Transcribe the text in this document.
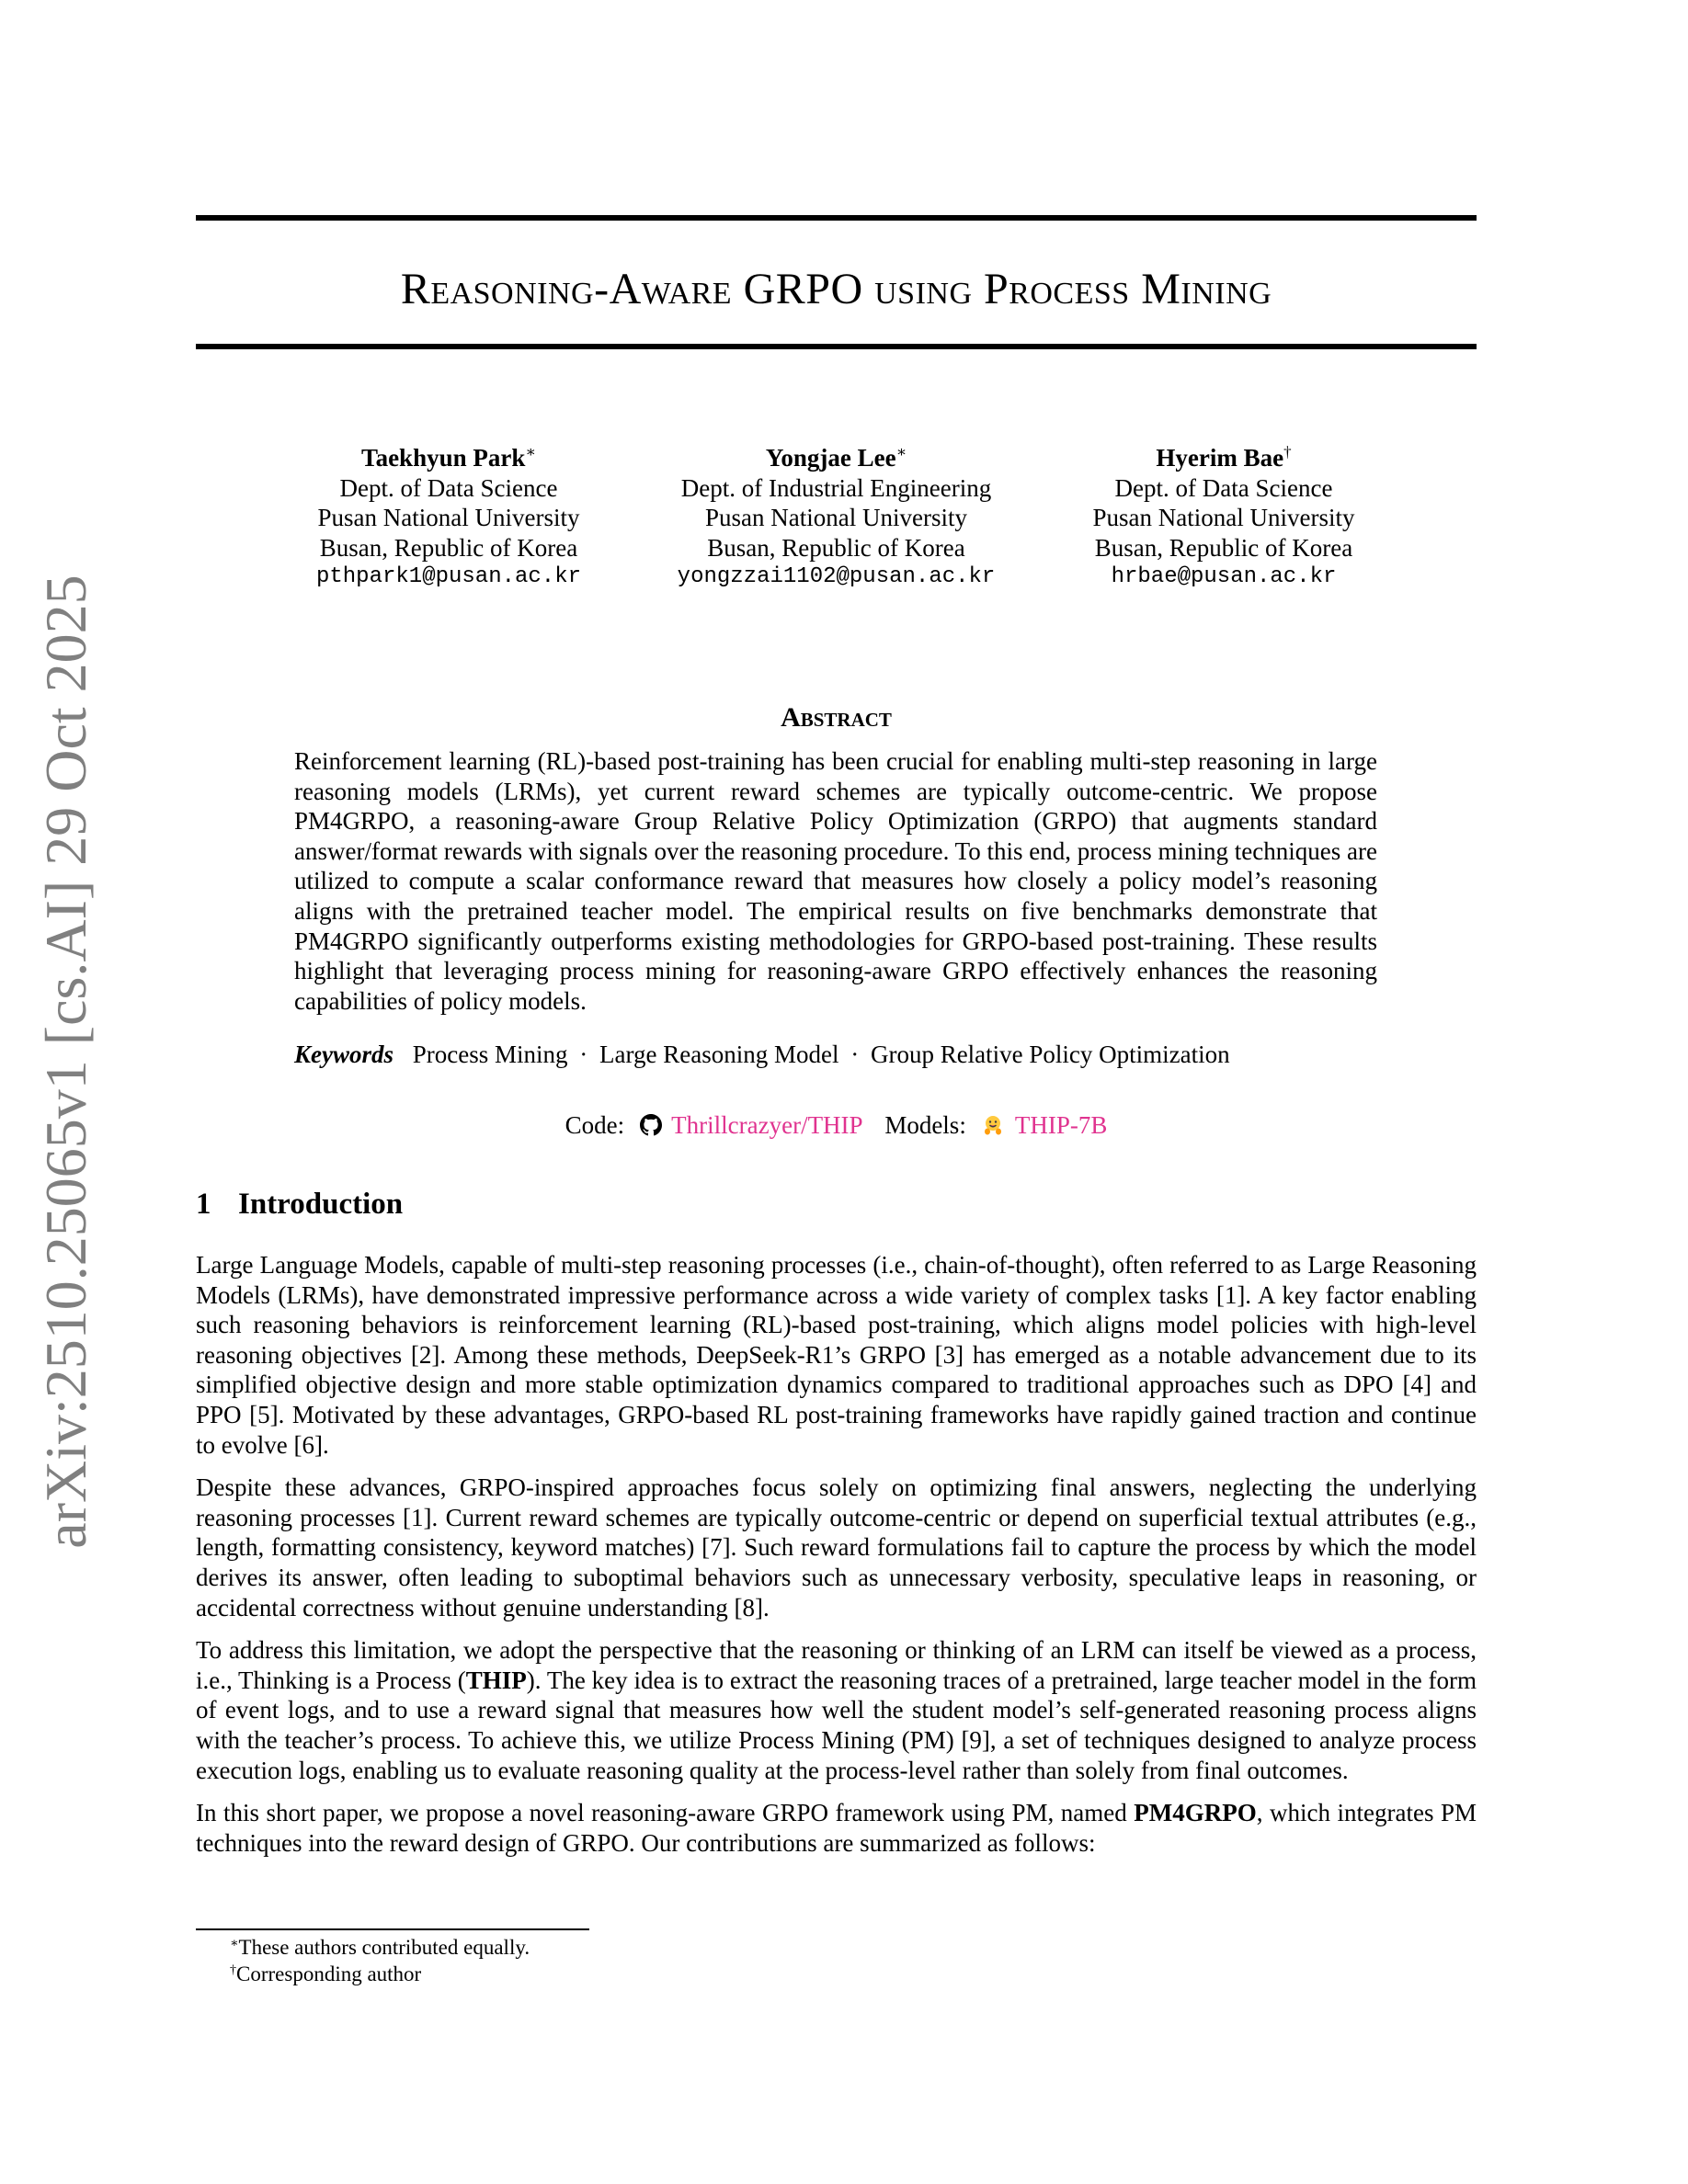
arXiv:2510.25065v1 [cs.AI] 29 Oct 2025
Reasoning-Aware GRPO using Process Mining
Taekhyun Park∗
Dept. of Data Science
Pusan National University
Busan, Republic of Korea
pthpark1@pusan.ac.kr
Yongjae Lee∗
Dept. of Industrial Engineering
Pusan National University
Busan, Republic of Korea
yongzzai1102@pusan.ac.kr
Hyerim Bae†
Dept. of Data Science
Pusan National University
Busan, Republic of Korea
hrbae@pusan.ac.kr
Abstract
Reinforcement learning (RL)-based post-training has been crucial for enabling multi-step reasoning in large reasoning models (LRMs), yet current reward schemes are typically outcome-centric. We propose PM4GRPO, a reasoning-aware Group Relative Policy Optimization (GRPO) that augments standard answer/format rewards with signals over the reasoning procedure. To this end, process mining techniques are utilized to compute a scalar conformance reward that measures how closely a policy model’s reasoning aligns with the pretrained teacher model. The empirical results on five benchmarks demonstrate that PM4GRPO significantly outperforms existing methodologies for GRPO-based post-training. These results highlight that leveraging process mining for reasoning-aware GRPO effectively enhances the reasoning capabilities of policy models.
Keywords Process Mining · Large Reasoning Model · Group Relative Policy Optimization
Code: Thrillcrazyer/THIP Models: THIP-7B
1 Introduction

Large Language Models, capable of multi-step reasoning processes (i.e., chain-of-thought), often referred to as Large Reasoning Models (LRMs), have demonstrated impressive performance across a wide variety of complex tasks [1]. A key factor enabling such reasoning behaviors is reinforcement learning (RL)-based post-training, which aligns model policies with high-level reasoning objectives [2]. Among these methods, DeepSeek-R1’s GRPO [3] has emerged as a notable advancement due to its simplified objective design and more stable optimization dynamics compared to traditional approaches such as DPO [4] and PPO [5]. Motivated by these advantages, GRPO-based RL post-training frameworks have rapidly gained traction and continue to evolve [6].

Despite these advances, GRPO-inspired approaches focus solely on optimizing final answers, neglecting the underlying reasoning processes [1]. Current reward schemes are typically outcome-centric or depend on superficial textual attributes (e.g., length, formatting consistency, keyword matches) [7]. Such reward formulations fail to capture the process by which the model derives its answer, often leading to suboptimal behaviors such as unnecessary verbosity, speculative leaps in reasoning, or accidental correctness without genuine understanding [8].

To address this limitation, we adopt the perspective that the reasoning or thinking of an LRM can itself be viewed as a process, i.e., Thinking is a Process (THIP). The key idea is to extract the reasoning traces of a pretrained, large teacher model in the form of event logs, and to use a reward signal that measures how well the student model’s self-generated reasoning process aligns with the teacher’s process. To achieve this, we utilize Process Mining (PM) [9], a set of techniques designed to analyze process execution logs, enabling us to evaluate reasoning quality at the process-level rather than solely from final outcomes.

In this short paper, we propose a novel reasoning-aware GRPO framework using PM, named PM4GRPO, which integrates PM techniques into the reward design of GRPO. Our contributions are summarized as follows:

∗These authors contributed equally.
†Corresponding author
